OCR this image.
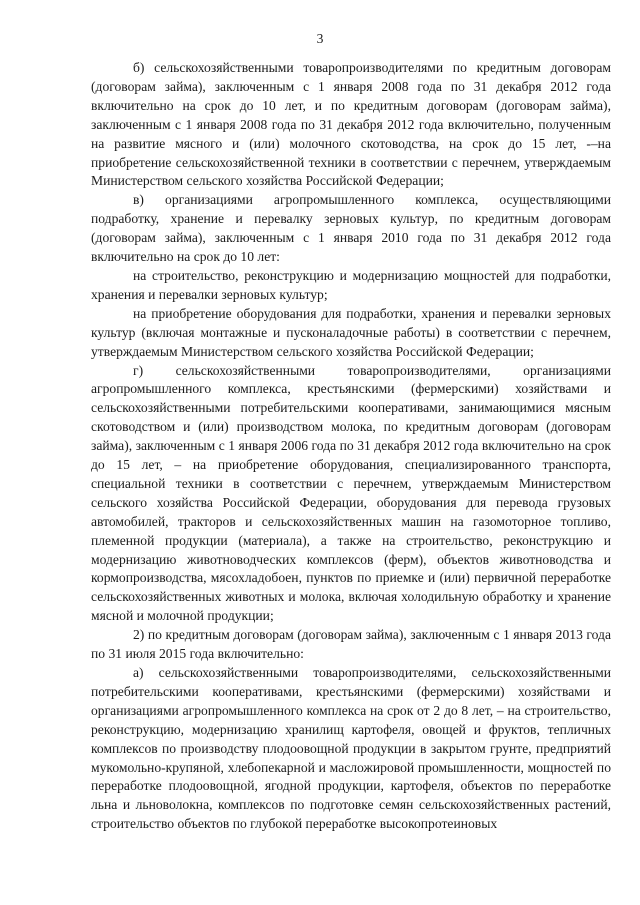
3

б) сельскохозяйственными товаропроизводителями по кредитным договорам (договорам займа), заключенным с 1 января 2008 года по 31 декабря 2012 года включительно на срок до 10 лет, и по кредитным договорам (договорам займа), заключенным с 1 января 2008 года по 31 декабря 2012 года включительно, полученным на развитие мясного и (или) молочного скотоводства, на срок до 15 лет, -–на приобретение сельскохозяйственной техники в соответствии с перечнем, утверждаемым Министерством сельского хозяйства Российской Федерации;

в) организациями агропромышленного комплекса, осуществляющими подработку, хранение и перевалку зерновых культур, по кредитным договорам (договорам займа), заключенным с 1 января 2010 года по 31 декабря 2012 года включительно на срок до 10 лет:

на строительство, реконструкцию и модернизацию мощностей для подработки, хранения и перевалки зерновых культур;

на приобретение оборудования для подработки, хранения и перевалки зерновых культур (включая монтажные и пусконаладочные работы) в соответствии с перечнем, утверждаемым Министерством сельского хозяйства Российской Федерации;

г) сельскохозяйственными товаропроизводителями, организациями агропромышленного комплекса, крестьянскими (фермерскими) хозяйствами и сельскохозяйственными потребительскими кооперативами, занимающимися мясным скотоводством и (или) производством молока, по кредитным договорам (договорам займа), заключенным с 1 января 2006 года по 31 декабря 2012 года включительно на срок до 15 лет, – на приобретение оборудования, специализированного транспорта, специальной техники в соответствии с перечнем, утверждаемым Министерством сельского хозяйства Российской Федерации, оборудования для перевода грузовых автомобилей, тракторов и сельскохозяйственных машин на газомоторное топливо, племенной продукции (материала), а также на строительство, реконструкцию и модернизацию животноводческих комплексов (ферм), объектов животноводства и кормопроизводства, мясохладобоен, пунктов по приемке и (или) первичной переработке сельскохозяйственных животных и молока, включая холодильную обработку и хранение мясной и молочной продукции;

2) по кредитным договорам (договорам займа), заключенным с 1 января 2013 года по 31 июля 2015 года включительно:

а) сельскохозяйственными товаропроизводителями, сельскохозяйственными потребительскими кооперативами, крестьянскими (фермерскими) хозяйствами и организациями агропромышленного комплекса на срок от 2 до 8 лет, – на строительство, реконструкцию, модернизацию хранилищ картофеля, овощей и фруктов, тепличных комплексов по производству плодоовощной продукции в закрытом грунте, предприятий мукомольно-крупяной, хлебопекарной и масложировой промышленности, мощностей по переработке плодоовощной, ягодной продукции, картофеля, объектов по переработке льна и льноволокна, комплексов по подготовке семян сельскохозяйственных растений, строительство объектов по глубокой переработке высокопротеиновых
